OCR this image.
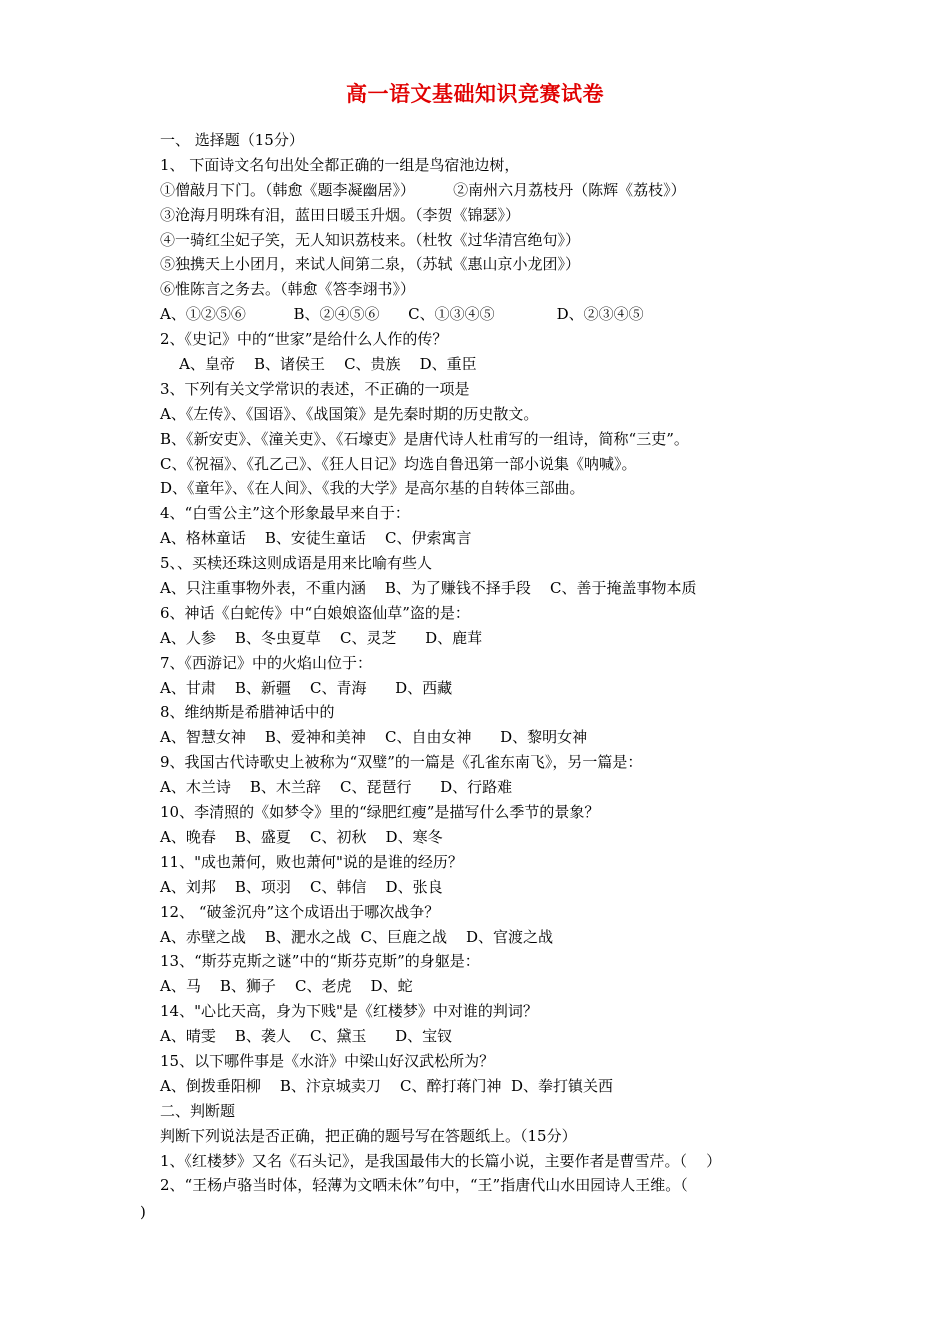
高一语文基础知识竞赛试卷
一、 选择题（15分）
1、 下面诗文名句出处全都正确的一组是鸟宿池边树，
①僧敲月下门。（韩愈《题李凝幽居》）        ②南州六月荔枝丹（陈辉《荔枝》）
③沧海月明珠有泪，蓝田日暖玉升烟。（李贺《锦瑟》）
④一骑红尘妃子笑，无人知识荔枝来。（杜牧《过华清宫绝句》）
⑤独携天上小团月，来试人间第二泉，（苏轼《惠山京小龙团》）
⑥惟陈言之务去。（韩愈《答李翊书》）
A、①②⑤⑥          B、②④⑤⑥      C、①③④⑤             D、②③④⑤
2、《史记》中的“世家”是给什么人作的传？
A、皇帝    B、诸侯王    C、贵族    D、重臣
3、下列有关文学常识的表述，不正确的一项是
A、《左传》、《国语》、《战国策》是先秦时期的历史散文。
B、《新安吏》、《潼关吏》、《石壕吏》是唐代诗人杜甫写的一组诗，简称“三吏”。
C、《祝福》、《孔乙己》、《狂人日记》均选自鲁迅第一部小说集《呐喊》。
D、《童年》、《在人间》、《我的大学》是高尔基的自转体三部曲。
4、“白雪公主”这个形象最早来自于：
A、格林童话    B、安徒生童话    C、伊索寓言
5、、买椟还珠这则成语是用来比喻有些人
A、只注重事物外表，不重内涵    B、为了赚钱不择手段    C、善于掩盖事物本质
6、神话《白蛇传》中“白娘娘盗仙草”盗的是：
A、人参    B、冬虫夏草    C、灵芝      D、鹿茸
7、《西游记》中的火焰山位于：
A、甘肃    B、新疆    C、青海      D、西藏
8、维纳斯是希腊神话中的
A、智慧女神    B、爱神和美神    C、自由女神      D、黎明女神
9、我国古代诗歌史上被称为“双璧”的一篇是《孔雀东南飞》，另一篇是：
A、木兰诗    B、木兰辞    C、琵琶行      D、行路难
10、李清照的《如梦令》里的“绿肥红瘦”是描写什么季节的景象？
A、晚春    B、盛夏    C、初秋    D、寒冬
11、"成也萧何，败也萧何"说的是谁的经历？
A、刘邦    B、项羽    C、韩信    D、张良
12、 “破釜沉舟”这个成语出于哪次战争？
A、赤壁之战    B、淝水之战  C、巨鹿之战    D、官渡之战
13、“斯芬克斯之谜”中的“斯芬克斯”的身躯是：
A、马    B、狮子    C、老虎    D、蛇
14、"心比天高，身为下贱"是《红楼梦》中对谁的判词？
A、晴雯    B、袭人    C、黛玉      D、宝钗
15、以下哪件事是《水浒》中梁山好汉武松所为？
A、倒拨垂阳柳    B、汴京城卖刀    C、醉打蒋门神  D、拳打镇关西
二、判断题
判断下列说法是否正确，把正确的题号写在答题纸上。（15分）
1、《红楼梦》又名《石头记》，是我国最伟大的长篇小说，主要作者是曹雪芹。（    ）
2、“王杨卢骆当时体，轻薄为文哂未休”句中，“王”指唐代山水田园诗人王维。（
)
